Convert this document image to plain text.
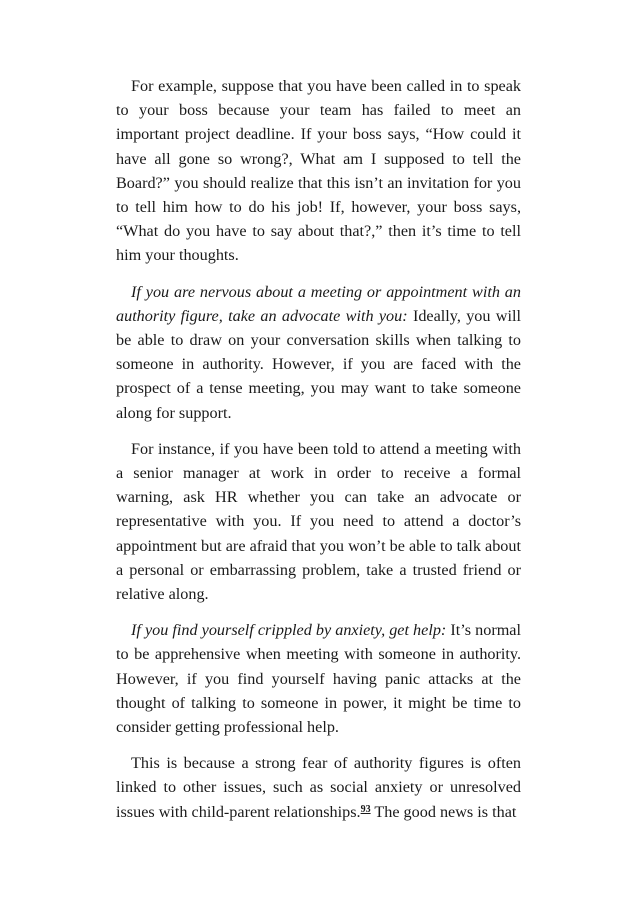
For example, suppose that you have been called in to speak to your boss because your team has failed to meet an important project deadline. If your boss says, “How could it have all gone so wrong?, What am I supposed to tell the Board?” you should realize that this isn’t an invitation for you to tell him how to do his job! If, however, your boss says, “What do you have to say about that?,” then it’s time to tell him your thoughts.

If you are nervous about a meeting or appointment with an authority figure, take an advocate with you: Ideally, you will be able to draw on your conversation skills when talking to someone in authority. However, if you are faced with the prospect of a tense meeting, you may want to take someone along for support.

For instance, if you have been told to attend a meeting with a senior manager at work in order to receive a formal warning, ask HR whether you can take an advocate or representative with you. If you need to attend a doctor’s appointment but are afraid that you won’t be able to talk about a personal or embarrassing problem, take a trusted friend or relative along.

If you find yourself crippled by anxiety, get help: It’s normal to be apprehensive when meeting with someone in authority. However, if you find yourself having panic attacks at the thought of talking to someone in power, it might be time to consider getting professional help.

This is because a strong fear of authority figures is often linked to other issues, such as social anxiety or unresolved issues with child-parent relationships.$^{93}$ The good news is that
